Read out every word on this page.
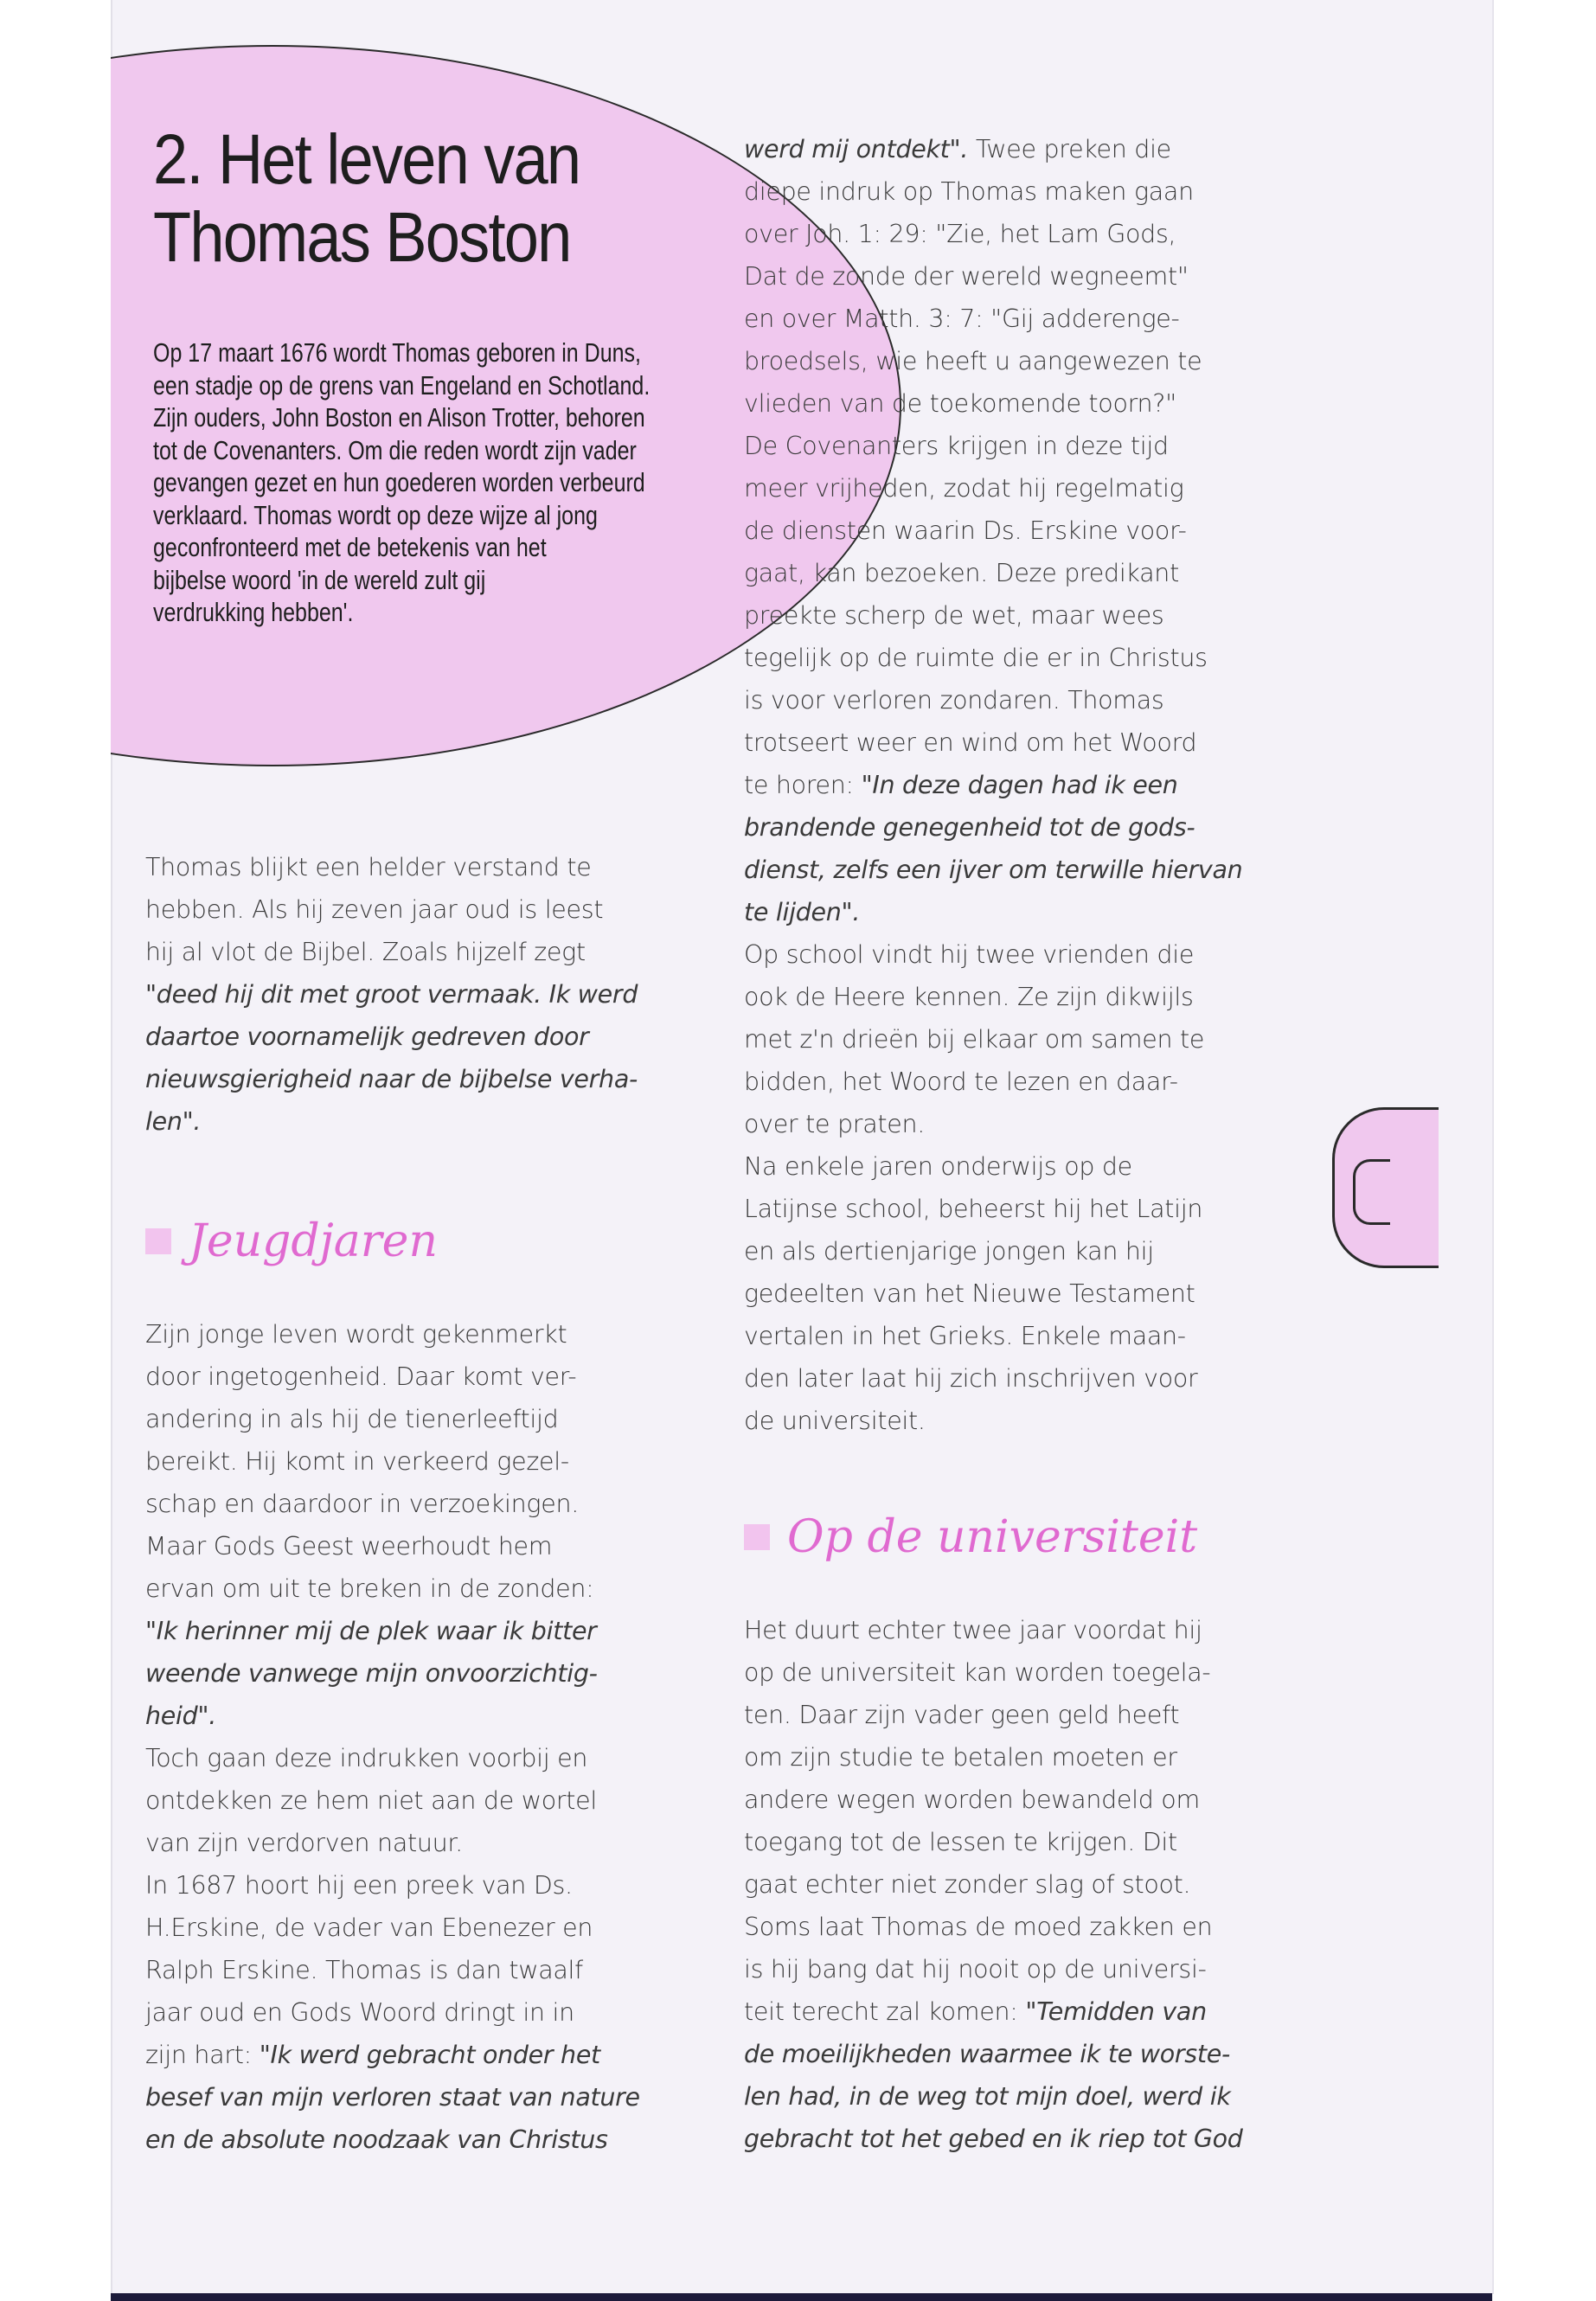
2. Het leven van
Thomas Boston
Op 17 maart 1676 wordt Thomas geboren in Duns,
een stadje op de grens van Engeland en Schotland.
Zijn ouders, John Boston en Alison Trotter, behoren
tot de Covenanters. Om die reden wordt zijn vader
gevangen gezet en hun goederen worden verbeurd
verklaard. Thomas wordt op deze wijze al jong
geconfronteerd met de betekenis van het
bijbelse woord 'in de wereld zult gij
verdrukking hebben'.

Thomas blijkt een helder verstand te

hebben. Als hij zeven jaar oud is leest

hij al vlot de Bijbel. Zoals hijzelf zegt

"deed hij dit met groot vermaak. Ik werd

daartoe voornamelijk gedreven door

nieuwsgierigheid naar de bijbelse verha-

len".

Jeugdjaren

Zijn jonge leven wordt gekenmerkt

door ingetogenheid. Daar komt ver-

andering in als hij de tienerleeftijd

bereikt. Hij komt in verkeerd gezel-

schap en daardoor in verzoekingen.

Maar Gods Geest weerhoudt hem

ervan om uit te breken in de zonden:

"Ik herinner mij de plek waar ik bitter

weende vanwege mijn onvoorzichtig-

heid".

Toch gaan deze indrukken voorbij en

ontdekken ze hem niet aan de wortel

van zijn verdorven natuur.

In 1687 hoort hij een preek van Ds.

H.Erskine, de vader van Ebenezer en

Ralph Erskine. Thomas is dan twaalf

jaar oud en Gods Woord dringt in in

zijn hart: "Ik werd gebracht onder het

besef van mijn verloren staat van nature

en de absolute noodzaak van Christus

werd mij ontdekt". Twee preken die

diepe indruk op Thomas maken gaan

over Joh. 1: 29: "Zie, het Lam Gods,

Dat de zonde der wereld wegneemt"

en over Matth. 3: 7: "Gij adderenge-

broedsels, wie heeft u aangewezen te

vlieden van de toekomende toorn?"

De Covenanters krijgen in deze tijd

meer vrijheden, zodat hij regelmatig

de diensten waarin Ds. Erskine voor-

gaat, kan bezoeken. Deze predikant

preekte scherp de wet, maar wees

tegelijk op de ruimte die er in Christus

is voor verloren zondaren. Thomas

trotseert weer en wind om het Woord

te horen: "In deze dagen had ik een

brandende genegenheid tot de gods-

dienst, zelfs een ijver om terwille hiervan

te lijden".

Op school vindt hij twee vrienden die

ook de Heere kennen. Ze zijn dikwijls

met z'n drieën bij elkaar om samen te

bidden, het Woord te lezen en daar-

over te praten.

Na enkele jaren onderwijs op de

Latijnse school, beheerst hij het Latijn

en als dertienjarige jongen kan hij

gedeelten van het Nieuwe Testament

vertalen in het Grieks. Enkele maan-

den later laat hij zich inschrijven voor

de universiteit.

Op de universiteit

Het duurt echter twee jaar voordat hij

op de universiteit kan worden toegela-

ten. Daar zijn vader geen geld heeft

om zijn studie te betalen moeten er

andere wegen worden bewandeld om

toegang tot de lessen te krijgen. Dit

gaat echter niet zonder slag of stoot.

Soms laat Thomas de moed zakken en

is hij bang dat hij nooit op de universi-

teit terecht zal komen: "Temidden van

de moeilijkheden waarmee ik te worste-

len had, in de weg tot mijn doel, werd ik

gebracht tot het gebed en ik riep tot God
